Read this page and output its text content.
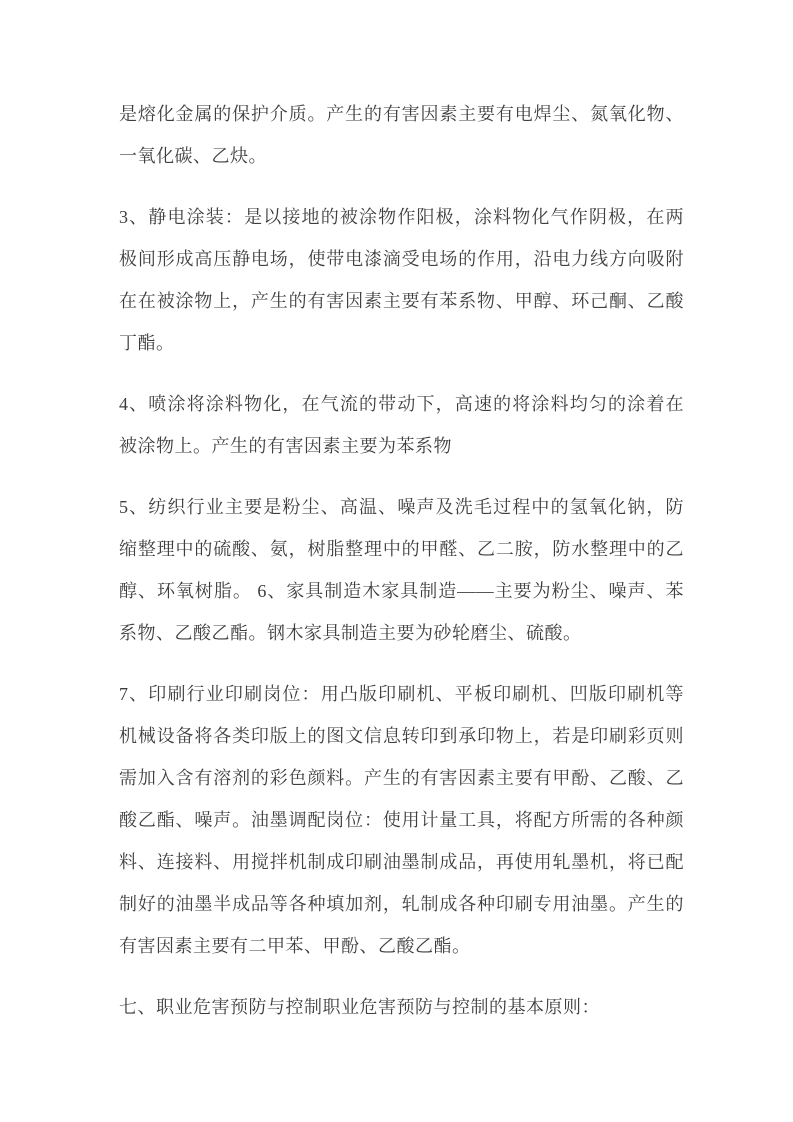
是熔化金属的保护介质。产生的有害因素主要有电焊尘、氮氧化物、
一氧化碳、乙炔。
3、静电涂装：是以接地的被涂物作阳极，涂料物化气作阴极，在两
极间形成高压静电场，使带电漆滴受电场的作用，沿电力线方向吸附
在在被涂物上，产生的有害因素主要有苯系物、甲醇、环己酮、乙酸
丁酯。
4、喷涂将涂料物化，在气流的带动下，高速的将涂料均匀的涂着在
被涂物上。产生的有害因素主要为苯系物
5、纺织行业主要是粉尘、高温、噪声及洗毛过程中的氢氧化钠，防
缩整理中的硫酸、氨，树脂整理中的甲醛、乙二胺，防水整理中的乙
醇、环氧树脂。 6、家具制造木家具制造——主要为粉尘、噪声、苯
系物、乙酸乙酯。钢木家具制造主要为砂轮磨尘、硫酸。
7、印刷行业印刷岗位：用凸版印刷机、平板印刷机、凹版印刷机等
机械设备将各类印版上的图文信息转印到承印物上，若是印刷彩页则
需加入含有溶剂的彩色颜料。产生的有害因素主要有甲酚、乙酸、乙
酸乙酯、噪声。油墨调配岗位：使用计量工具，将配方所需的各种颜
料、连接料、用搅拌机制成印刷油墨制成品，再使用轧墨机，将已配
制好的油墨半成品等各种填加剂，轧制成各种印刷专用油墨。产生的
有害因素主要有二甲苯、甲酚、乙酸乙酯。
七、职业危害预防与控制职业危害预防与控制的基本原则：
